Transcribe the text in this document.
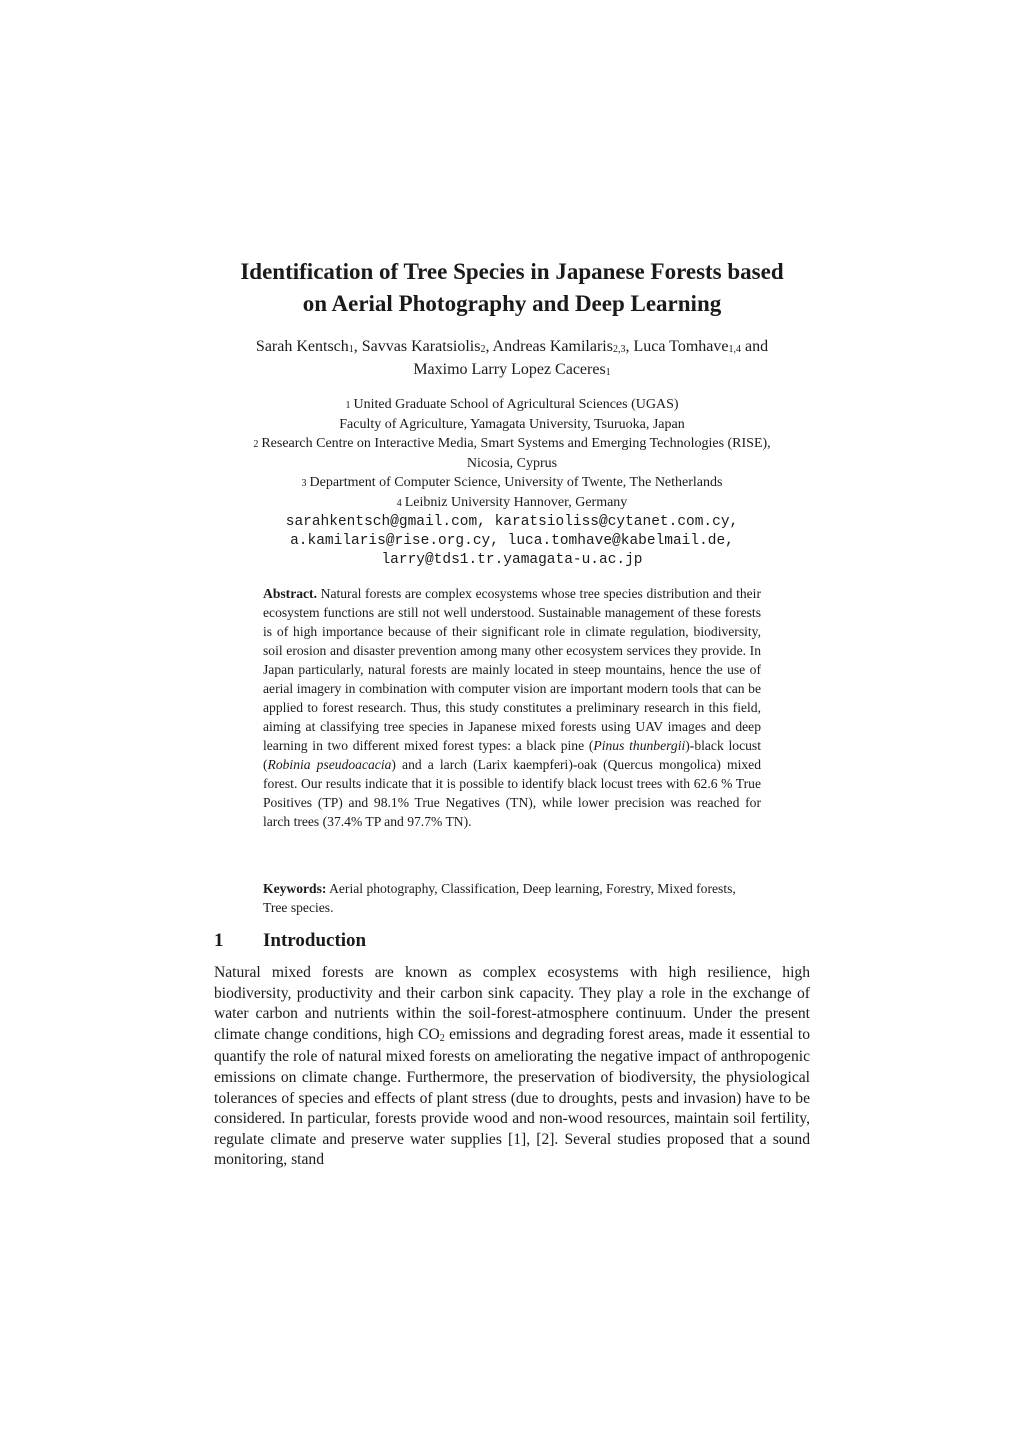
Identification of Tree Species in Japanese Forests based
on Aerial Photography and Deep Learning
Sarah Kentsch$_1$, Savvas Karatsiolis$_2$, Andreas Kamilaris$_{2,3}$, Luca Tomhave$_{1,4}$ and
Maximo Larry Lopez Caceres$_1$
1 United Graduate School of Agricultural Sciences (UGAS)
Faculty of Agriculture, Yamagata University, Tsuruoka, Japan
2 Research Centre on Interactive Media, Smart Systems and Emerging Technologies (RISE),
Nicosia, Cyprus
3 Department of Computer Science, University of Twente, The Netherlands
4 Leibniz University Hannover, Germany
sarahkentsch@gmail.com, karatsioliss@cytanet.com.cy,
a.kamilaris@rise.org.cy, luca.tomhave@kabelmail.de,
larry@tds1.tr.yamagata-u.ac.jp
Abstract. Natural forests are complex ecosystems whose tree species distribution and their ecosystem functions are still not well understood. Sustainable management of these forests is of high importance because of their significant role in climate regulation, biodiversity, soil erosion and disaster prevention among many other ecosystem services they provide. In Japan particularly, natural forests are mainly located in steep mountains, hence the use of aerial imagery in combination with computer vision are important modern tools that can be applied to forest research. Thus, this study constitutes a preliminary research in this field, aiming at classifying tree species in Japanese mixed forests using UAV images and deep learning in two different mixed forest types: a black pine (Pinus thunbergii)-black locust (Robinia pseudoacacia) and a larch (Larix kaempferi)-oak (Quercus mongolica) mixed forest. Our results indicate that it is possible to identify black locust trees with 62.6 % True Positives (TP) and 98.1% True Negatives (TN), while lower precision was reached for larch trees (37.4% TP and 97.7% TN).
Keywords: Aerial photography, Classification, Deep learning, Forestry, Mixed forests, Tree species.
1 Introduction
Natural mixed forests are known as complex ecosystems with high resilience, high biodiversity, productivity and their carbon sink capacity. They play a role in the exchange of water carbon and nutrients within the soil-forest-atmosphere continuum. Under the present climate change conditions, high $CO_2$ emissions and degrading forest areas, made it essential to quantify the role of natural mixed forests on ameliorating the negative impact of anthropogenic emissions on climate change. Furthermore, the preservation of biodiversity, the physiological tolerances of species and effects of plant stress (due to droughts, pests and invasion) have to be considered. In particular, forests provide wood and non-wood resources, maintain soil fertility, regulate climate and preserve water supplies [1], [2]. Several studies proposed that a sound monitoring, stand
